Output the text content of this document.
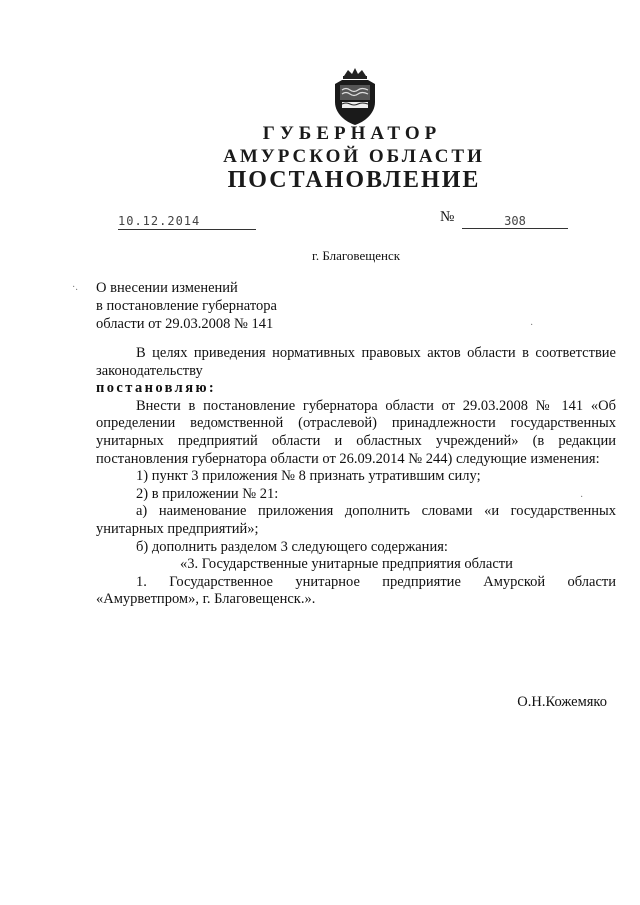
ГУБЕРНАТОР
АМУРСКОЙ ОБЛАСТИ
ПОСТАНОВЛЕНИЕ
10.12.2014	№	308
г. Благовещенск
·.
·
·
О внесении изменений
в постановление губернатора
области от 29.03.2008 № 141

В целях приведения нормативных правовых актов области в соответствие законодательству

постановляю:

Внести в постановление губернатора области от 29.03.2008 № 141 «Об определении ведомственной (отраслевой) принадлежности государственных унитарных предприятий области и областных учреждений» (в редакции постановления губернатора области от 26.09.2014 № 244) следующие изменения:

1) пункт 3 приложения № 8 признать утратившим силу;

2) в приложении № 21:

а) наименование приложения дополнить словами «и государственных унитарных предприятий»;

б) дополнить разделом 3 следующего содержания:

«3. Государственные унитарные предприятия области

1. Государственное унитарное предприятие Амурской области «Амурветпром», г. Благовещенск.».

О.Н.Кожемяко
